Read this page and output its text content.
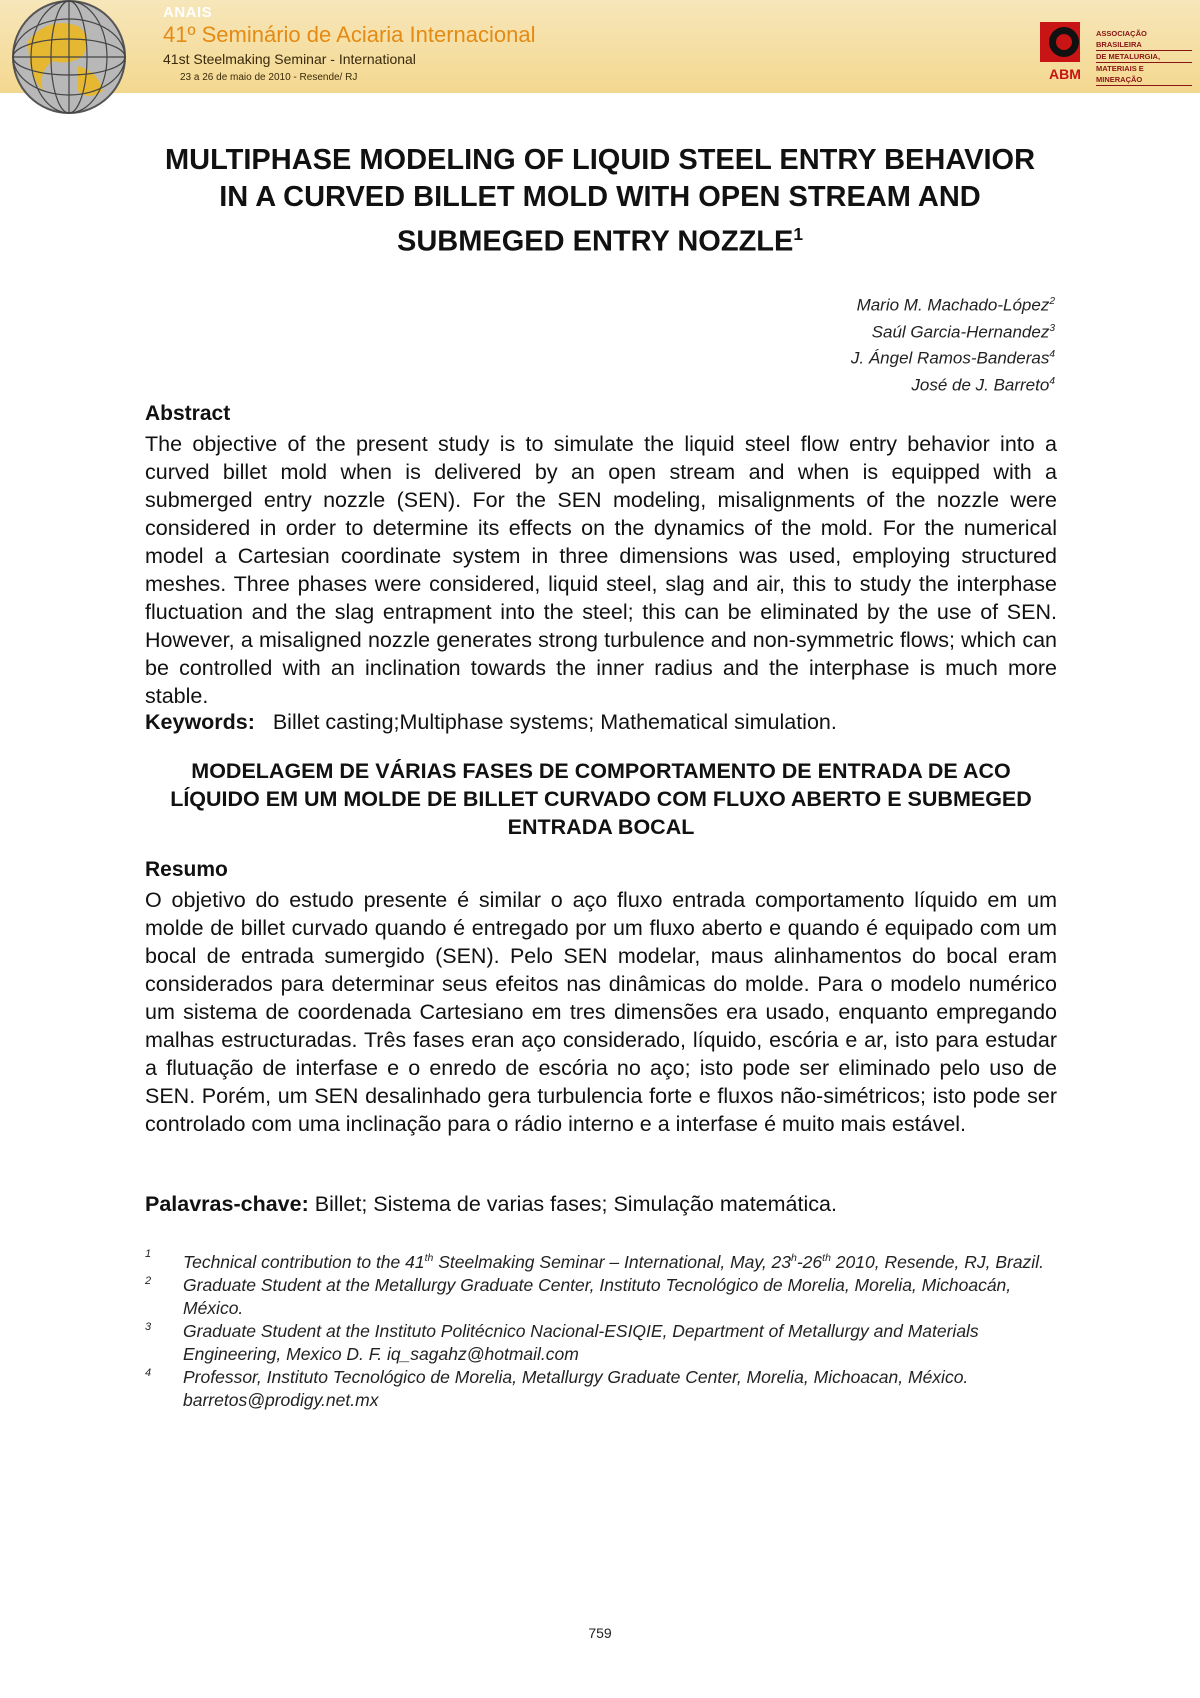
ANAIS
41º Seminário de Aciaria Internacional
41st Steelmaking Seminar - International
23 a 26 de maio de 2010 - Resende/ RJ	ABM
ASSOCIAÇÃO BRASILEIRA
DE METALURGIA,
MATERIAIS E MINERAÇÃO
MULTIPHASE MODELING OF LIQUID STEEL ENTRY BEHAVIOR IN A CURVED BILLET MOLD WITH OPEN STREAM AND SUBMEGED ENTRY NOZZLE$^1$
Mario M. Machado-López$^2$
Saúl Garcia-Hernandez$^3$
J. Ángel Ramos-Banderas$^4$
José de J. Barreto$^4$
Abstract
The objective of the present study is to simulate the liquid steel flow entry behavior into a curved billet mold when is delivered by an open stream and when is equipped with a submerged entry nozzle (SEN). For the SEN modeling, misalignments of the nozzle were considered in order to determine its effects on the dynamics of the mold. For the numerical model a Cartesian coordinate system in three dimensions was used, employing structured meshes. Three phases were considered, liquid steel, slag and air, this to study the interphase fluctuation and the slag entrapment into the steel; this can be eliminated by the use of SEN. However, a misaligned nozzle generates strong turbulence and non-symmetric flows; which can be controlled with an inclination towards the inner radius and the interphase is much more stable.
Keywords: Billet casting;Multiphase systems; Mathematical simulation.
MODELAGEM DE VÁRIAS FASES DE COMPORTAMENTO DE ENTRADA DE ACO LÍQUIDO EM UM MOLDE DE BILLET CURVADO COM FLUXO ABERTO E SUBMEGED ENTRADA BOCAL
Resumo
O objetivo do estudo presente é similar o aço fluxo entrada comportamento líquido em um molde de billet curvado quando é entregado por um fluxo aberto e quando é equipado com um bocal de entrada sumergido (SEN). Pelo SEN modelar, maus alinhamentos do bocal eram considerados para determinar seus efeitos nas dinâmicas do molde. Para o modelo numérico um sistema de coordenada Cartesiano em tres dimensões era usado, enquanto empregando malhas estructuradas. Três fases eran aço considerado, líquido, escória e ar, isto para estudar a flutuação de interfase e o enredo de escória no aço; isto pode ser eliminado pelo uso de SEN. Porém, um SEN desalinhado gera turbulencia forte e fluxos não-simétricos; isto pode ser controlado com uma inclinação para o rádio interno e a interfase é muito mais estável.
Palavras-chave: Billet; Sistema de varias fases; Simulação matemática.
1 Technical contribution to the 41th Steelmaking Seminar – International, May, 23$^h$-26th 2010, Resende, RJ, Brazil.
2 Graduate Student at the Metallurgy Graduate Center, Instituto Tecnológico de Morelia, Morelia, Michoacán, México.
3 Graduate Student at the Instituto Politécnico Nacional-ESIQIE, Department of Metallurgy and Materials Engineering, Mexico D. F. iq_sagahz@hotmail.com
4 Professor, Instituto Tecnológico de Morelia, Metallurgy Graduate Center, Morelia, Michoacan, México. barretos@prodigy.net.mx
759
